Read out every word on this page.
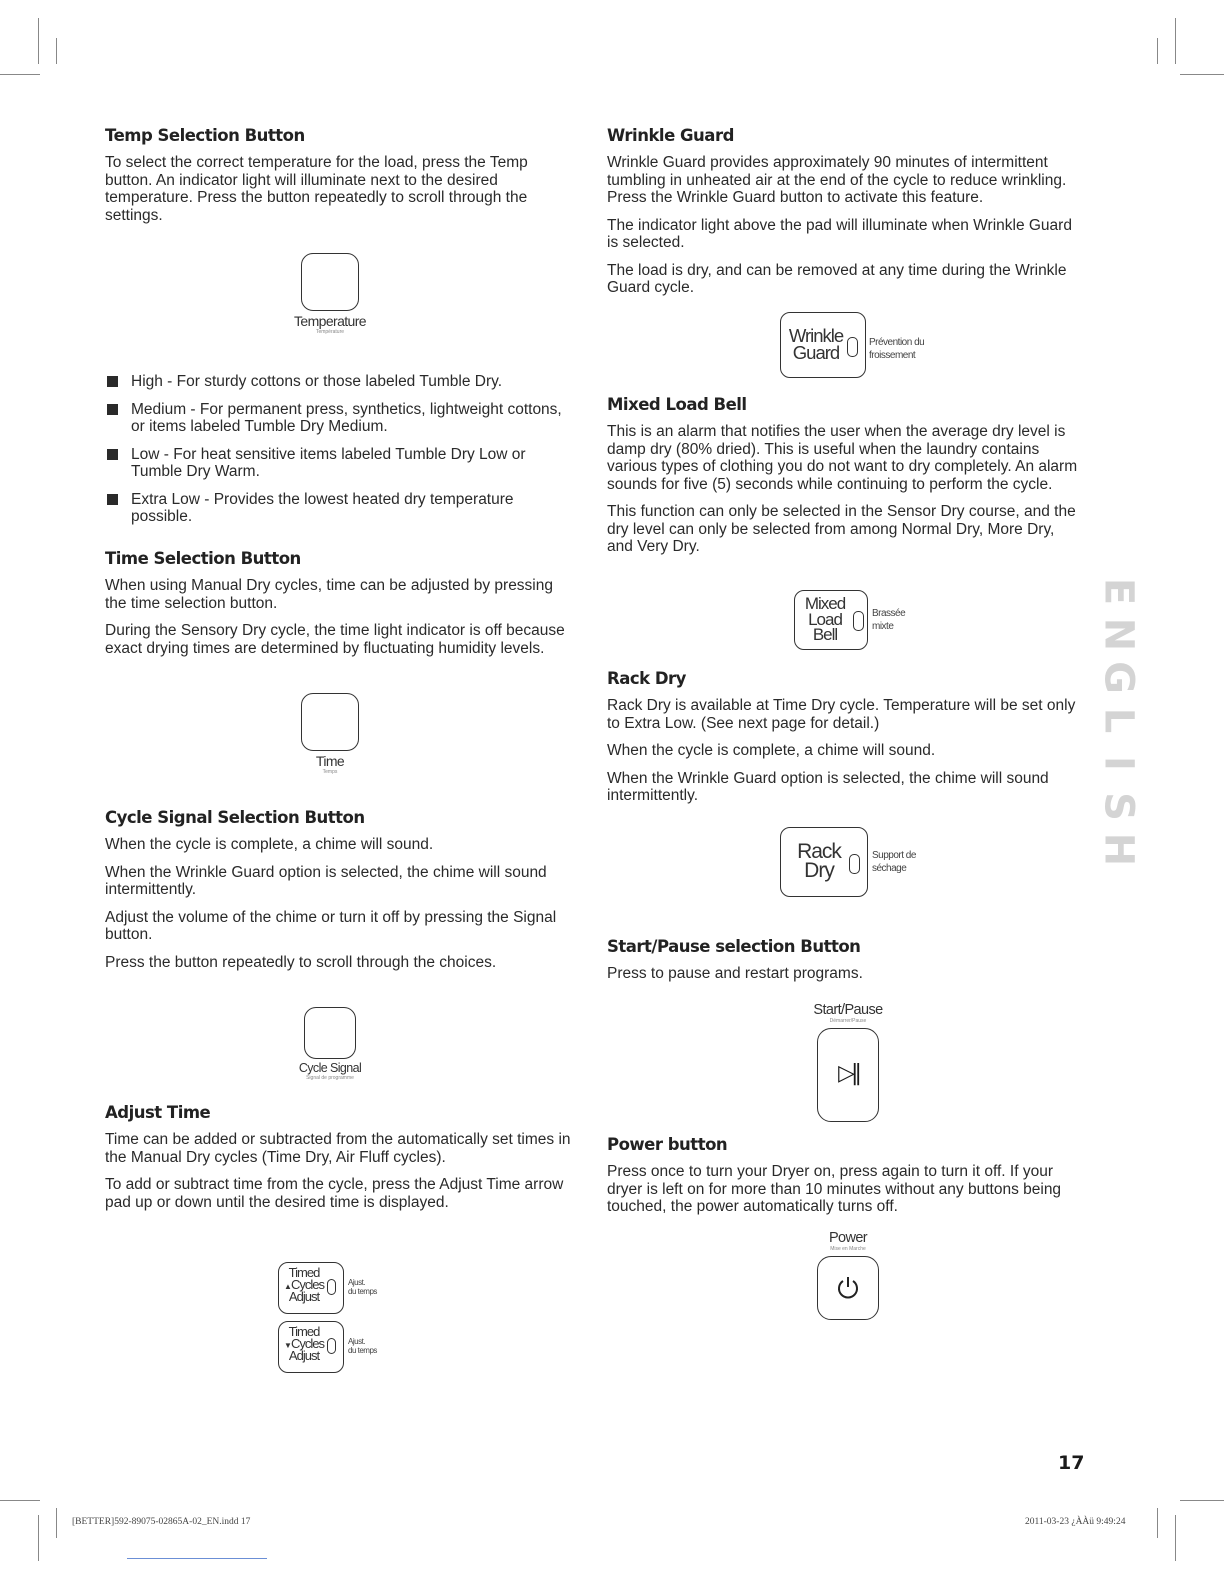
Temp Selection Button

To select the correct temperature for the load, press the Temp button. An indicator light will illuminate next to the desired temperature. Press the button repeatedly to scroll through the settings.

Temperature
Température
High - For sturdy cottons or those labeled Tumble Dry.
Medium - For permanent press, synthetics, lightweight cottons, or items labeled Tumble Dry Medium.
Low - For heat sensitive items labeled Tumble Dry Low or Tumble Dry Warm.
Extra Low - Provides the lowest heated dry temperature possible.
Time Selection Button

When using Manual Dry cycles, time can be adjusted by pressing the time selection button.

During the Sensory Dry cycle, the time light indicator is off because exact drying times are determined by fluctuating humidity levels.

Time
Temps
Cycle Signal Selection Button

When the cycle is complete, a chime will sound.

When the Wrinkle Guard option is selected, the chime will sound intermittently.

Adjust the volume of the chime or turn it off by pressing the Signal button.

Press the button repeatedly to scroll through the choices.

Cycle Signal
Signal de programme
Adjust Time

Time can be added or subtracted from the automatically set times in the Manual Dry cycles (Time Dry, Air Fluff cycles).

To add or subtract time from the cycle, press the Adjust Time arrow pad up or down until the desired time is displayed.

Timed
▲Cycles
Adjust
Ajust.
du temps
Timed
▼Cycles
Adjust
Ajust.
du temps
Wrinkle Guard

Wrinkle Guard provides approximately 90 minutes of intermittent tumbling in unheated air at the end of the cycle to reduce wrinkling. Press the Wrinkle Guard button to activate this feature.

The indicator light above the pad will illuminate when Wrinkle Guard is selected.

The load is dry, and can be removed at any time during the Wrinkle Guard cycle.

Wrinkle
Guard	Prévention du
froissement
Mixed Load Bell

This is an alarm that notifies the user when the average dry level is damp dry (80% dried). This is useful when the laundry contains various types of clothing you do not want to dry completely. An alarm sounds for five (5) seconds while continuing to perform the cycle.

This function can only be selected in the Sensor Dry course, and the dry level can only be selected from among Normal Dry, More Dry, and Very Dry.

Mixed
Load
Bell
Brassée
mixte
Rack Dry

Rack Dry is available at Time Dry cycle. Temperature will be set only to Extra Low. (See next page for detail.)

When the cycle is complete, a chime will sound.

When the Wrinkle Guard option is selected, the chime will sound intermittently.

Rack
Dry
Support de
séchage
Start/Pause selection Button

Press to pause and restart programs.

Start/Pause
Démarrer/Pause
▷||
Power button

Press once to turn your Dryer on, press again to turn it off. If your dryer is left on for more than 10 minutes without any buttons being touched, the power automatically turns off.

Power
Mise en Marche
E
N
G
L
I
S
H
17
[BETTER]592-89075-02865A-02_EN.indd 17	2011-03-23 ¿ÀÀü 9:49:24
